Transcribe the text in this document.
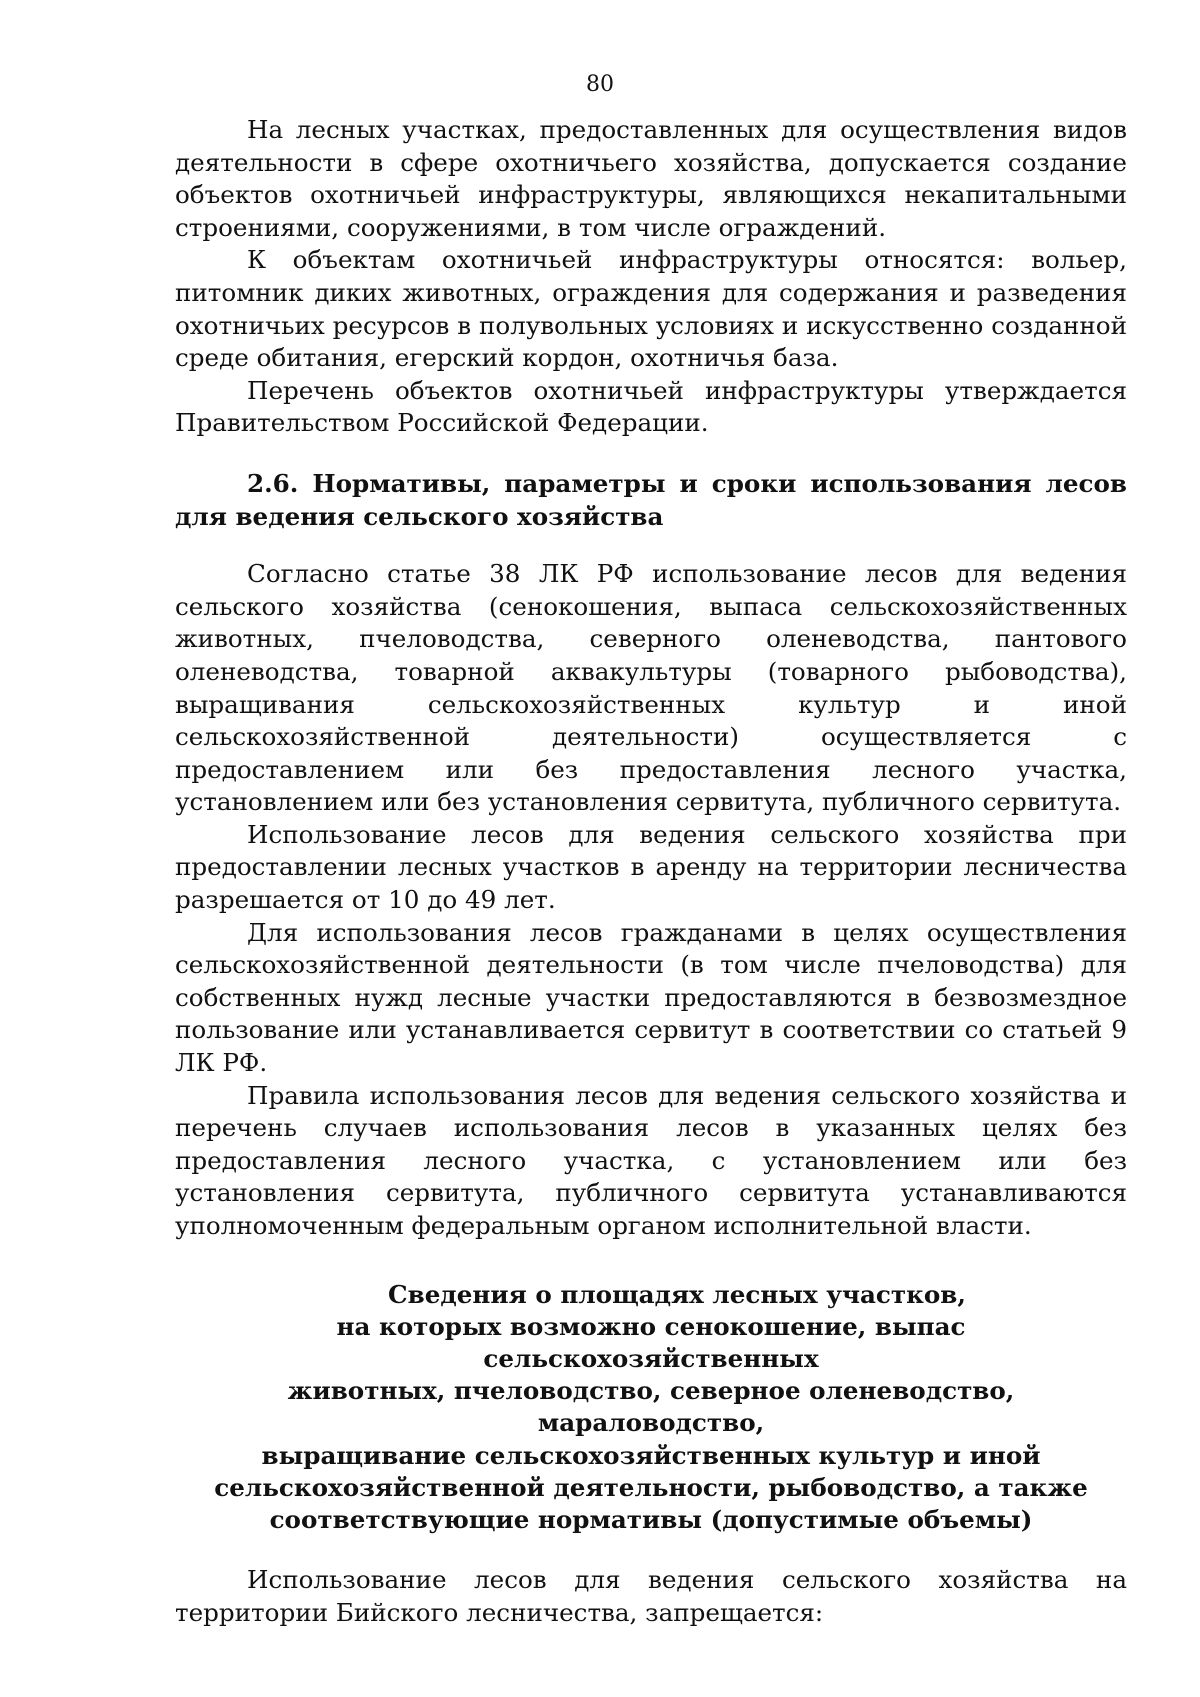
80

На лесных участках, предоставленных для осуществления видов деятельности в сфере охотничьего хозяйства, допускается создание объектов охотничьей инфраструктуры, являющихся некапитальными строениями, сооружениями, в том числе ограждений.

К объектам охотничьей инфраструктуры относятся: вольер, питомник диких животных, ограждения для содержания и разведения охотничьих ресурсов в полувольных условиях и искусственно созданной среде обитания, егерский кордон, охотничья база.

Перечень объектов охотничьей инфраструктуры утверждается Правительством Российской Федерации.

2.6. Нормативы, параметры и сроки использования лесов для ведения сельского хозяйства

Согласно статье 38 ЛК РФ использование лесов для ведения сельского хозяйства (сенокошения, выпаса сельскохозяйственных животных, пчеловодства, северного оленеводства, пантового оленеводства, товарной аквакультуры (товарного рыбоводства), выращивания сельскохозяйственных культур и иной сельскохозяйственной деятельности) осуществляется с предоставлением или без предоставления лесного участка, установлением или без установления сервитута, публичного сервитута.

Использование лесов для ведения сельского хозяйства при предоставлении лесных участков в аренду на территории лесничества разрешается от 10 до 49 лет.

Для использования лесов гражданами в целях осуществления сельскохозяйственной деятельности (в том числе пчеловодства) для собственных нужд лесные участки предоставляются в безвозмездное пользование или устанавливается сервитут в соответствии со статьей 9 ЛК РФ.

Правила использования лесов для ведения сельского хозяйства и перечень случаев использования лесов в указанных целях без предоставления лесного участка, с установлением или без установления сервитута, публичного сервитута устанавливаются уполномоченным федеральным органом исполнительной власти.

Сведения о площадях лесных участков,
на которых возможно сенокошение, выпас сельскохозяйственных
животных, пчеловодство, северное оленеводство, мараловодство,
выращивание сельскохозяйственных культур и иной
сельскохозяйственной деятельности, рыбоводство, а также
соответствующие нормативы (допустимые объемы)

Использование лесов для ведения сельского хозяйства на территории Бийского лесничества, запрещается:
